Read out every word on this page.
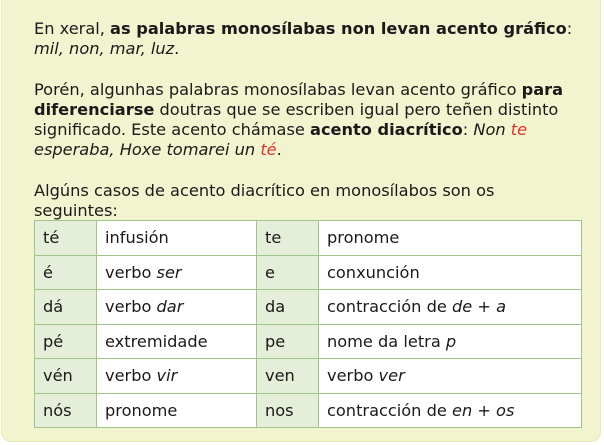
En xeral, as palabras monosílabas non levan acento gráfico: mil, non, mar, luz.

Porén, algunhas palabras monosílabas levan acento gráfico para diferenciarse doutras que se escriben igual pero teñen distinto significado. Este acento chámase acento diacrítico: Non te esperaba, Hoxe tomarei un té.

Algúns casos de acento diacrítico en monosílabos son os seguintes:

té	infusión	te	pronome
é	verbo ser	e	conxunción
dá	verbo dar	da	contracción de de + a
pé	extremidade	pe	nome da letra p
vén	verbo vir	ven	verbo ver
nós	pronome	nos	contracción de en + os
